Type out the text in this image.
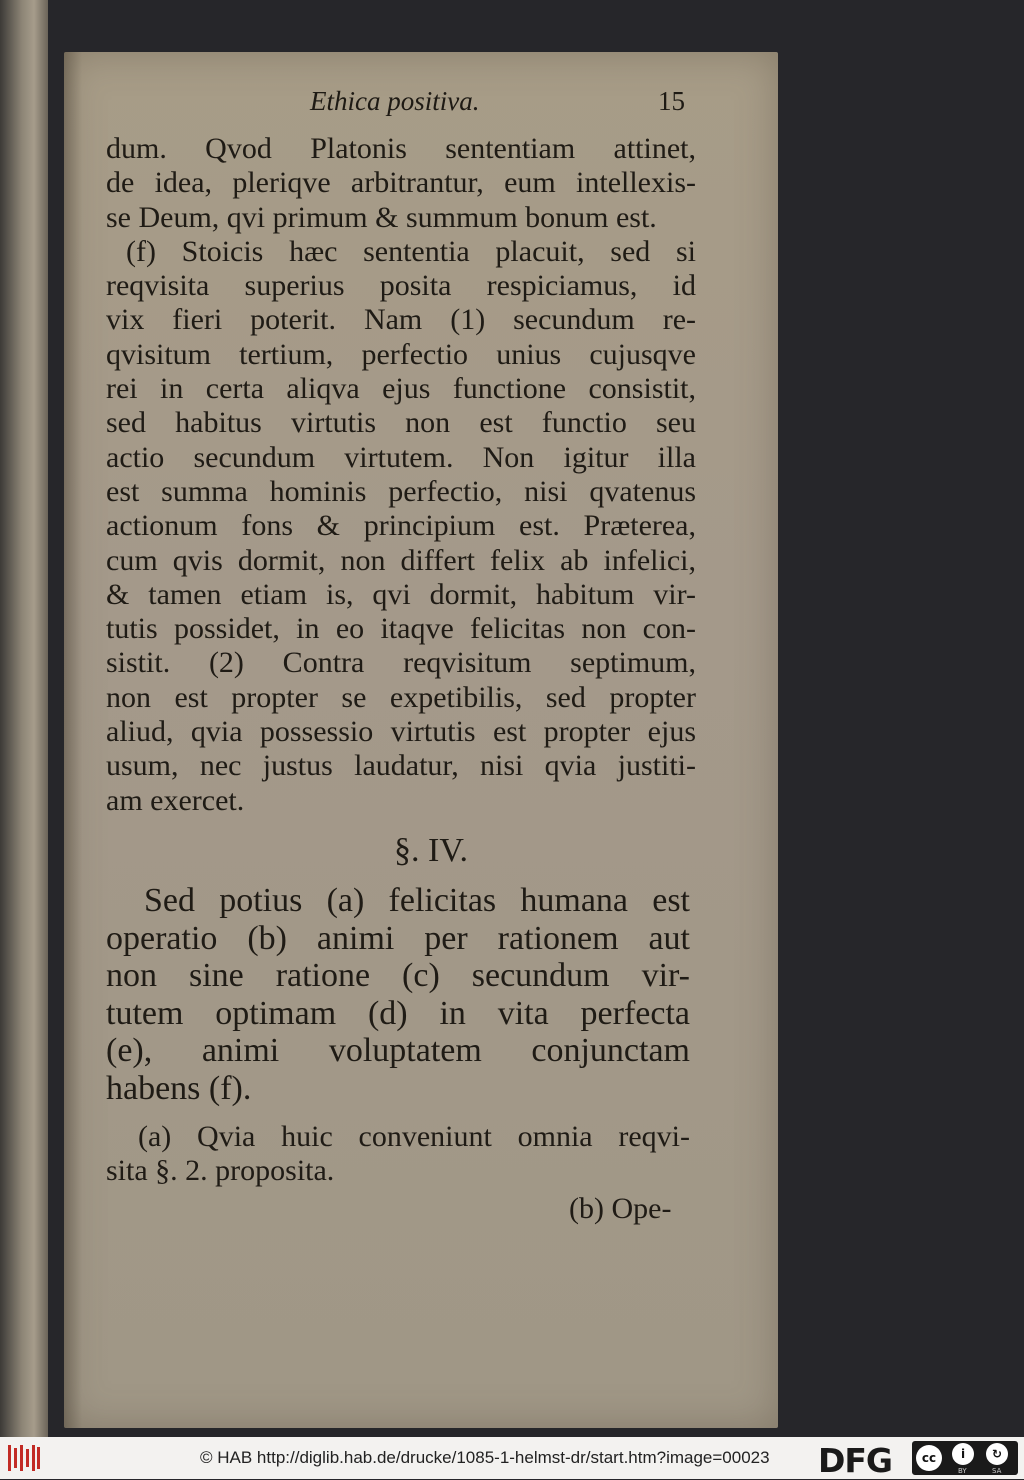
Ethica positiva.	15
dum. Qvod Platonis sententiam attinet,
de idea, pleriqve arbitrantur, eum intellexis-
se Deum, qvi primum & summum bonum est.
(f) Stoicis hæc sententia placuit, sed si
reqvisita superius posita respiciamus, id
vix fieri poterit. Nam (1) secundum re-
qvisitum tertium, perfectio unius cujusqve
rei in certa aliqva ejus functione consistit,
sed habitus virtutis non est functio seu
actio secundum virtutem. Non igitur illa
est summa hominis perfectio, nisi qvatenus
actionum fons & principium est. Præterea,
cum qvis dormit, non differt felix ab infelici,
& tamen etiam is, qvi dormit, habitum vir-
tutis possidet, in eo itaqve felicitas non con-
sistit. (2) Contra reqvisitum septimum,
non est propter se expetibilis, sed propter
aliud, qvia possessio virtutis est propter ejus
usum, nec justus laudatur, nisi qvia justiti-
am exercet.
§. IV.
Sed potius (a) felicitas humana est
operatio (b) animi per rationem aut
non sine ratione (c) secundum vir-
tutem optimam (d) in vita perfecta
(e), animi voluptatem conjunctam
habens (f).
(a) Qvia huic conveniunt omnia reqvi-
sita §. 2. proposita.
(b) Ope-
© HAB http://diglib.hab.de/drucke/1085-1-helmst-dr/start.htm?image=00023 DFG	cc	i	↻
BY	SA
